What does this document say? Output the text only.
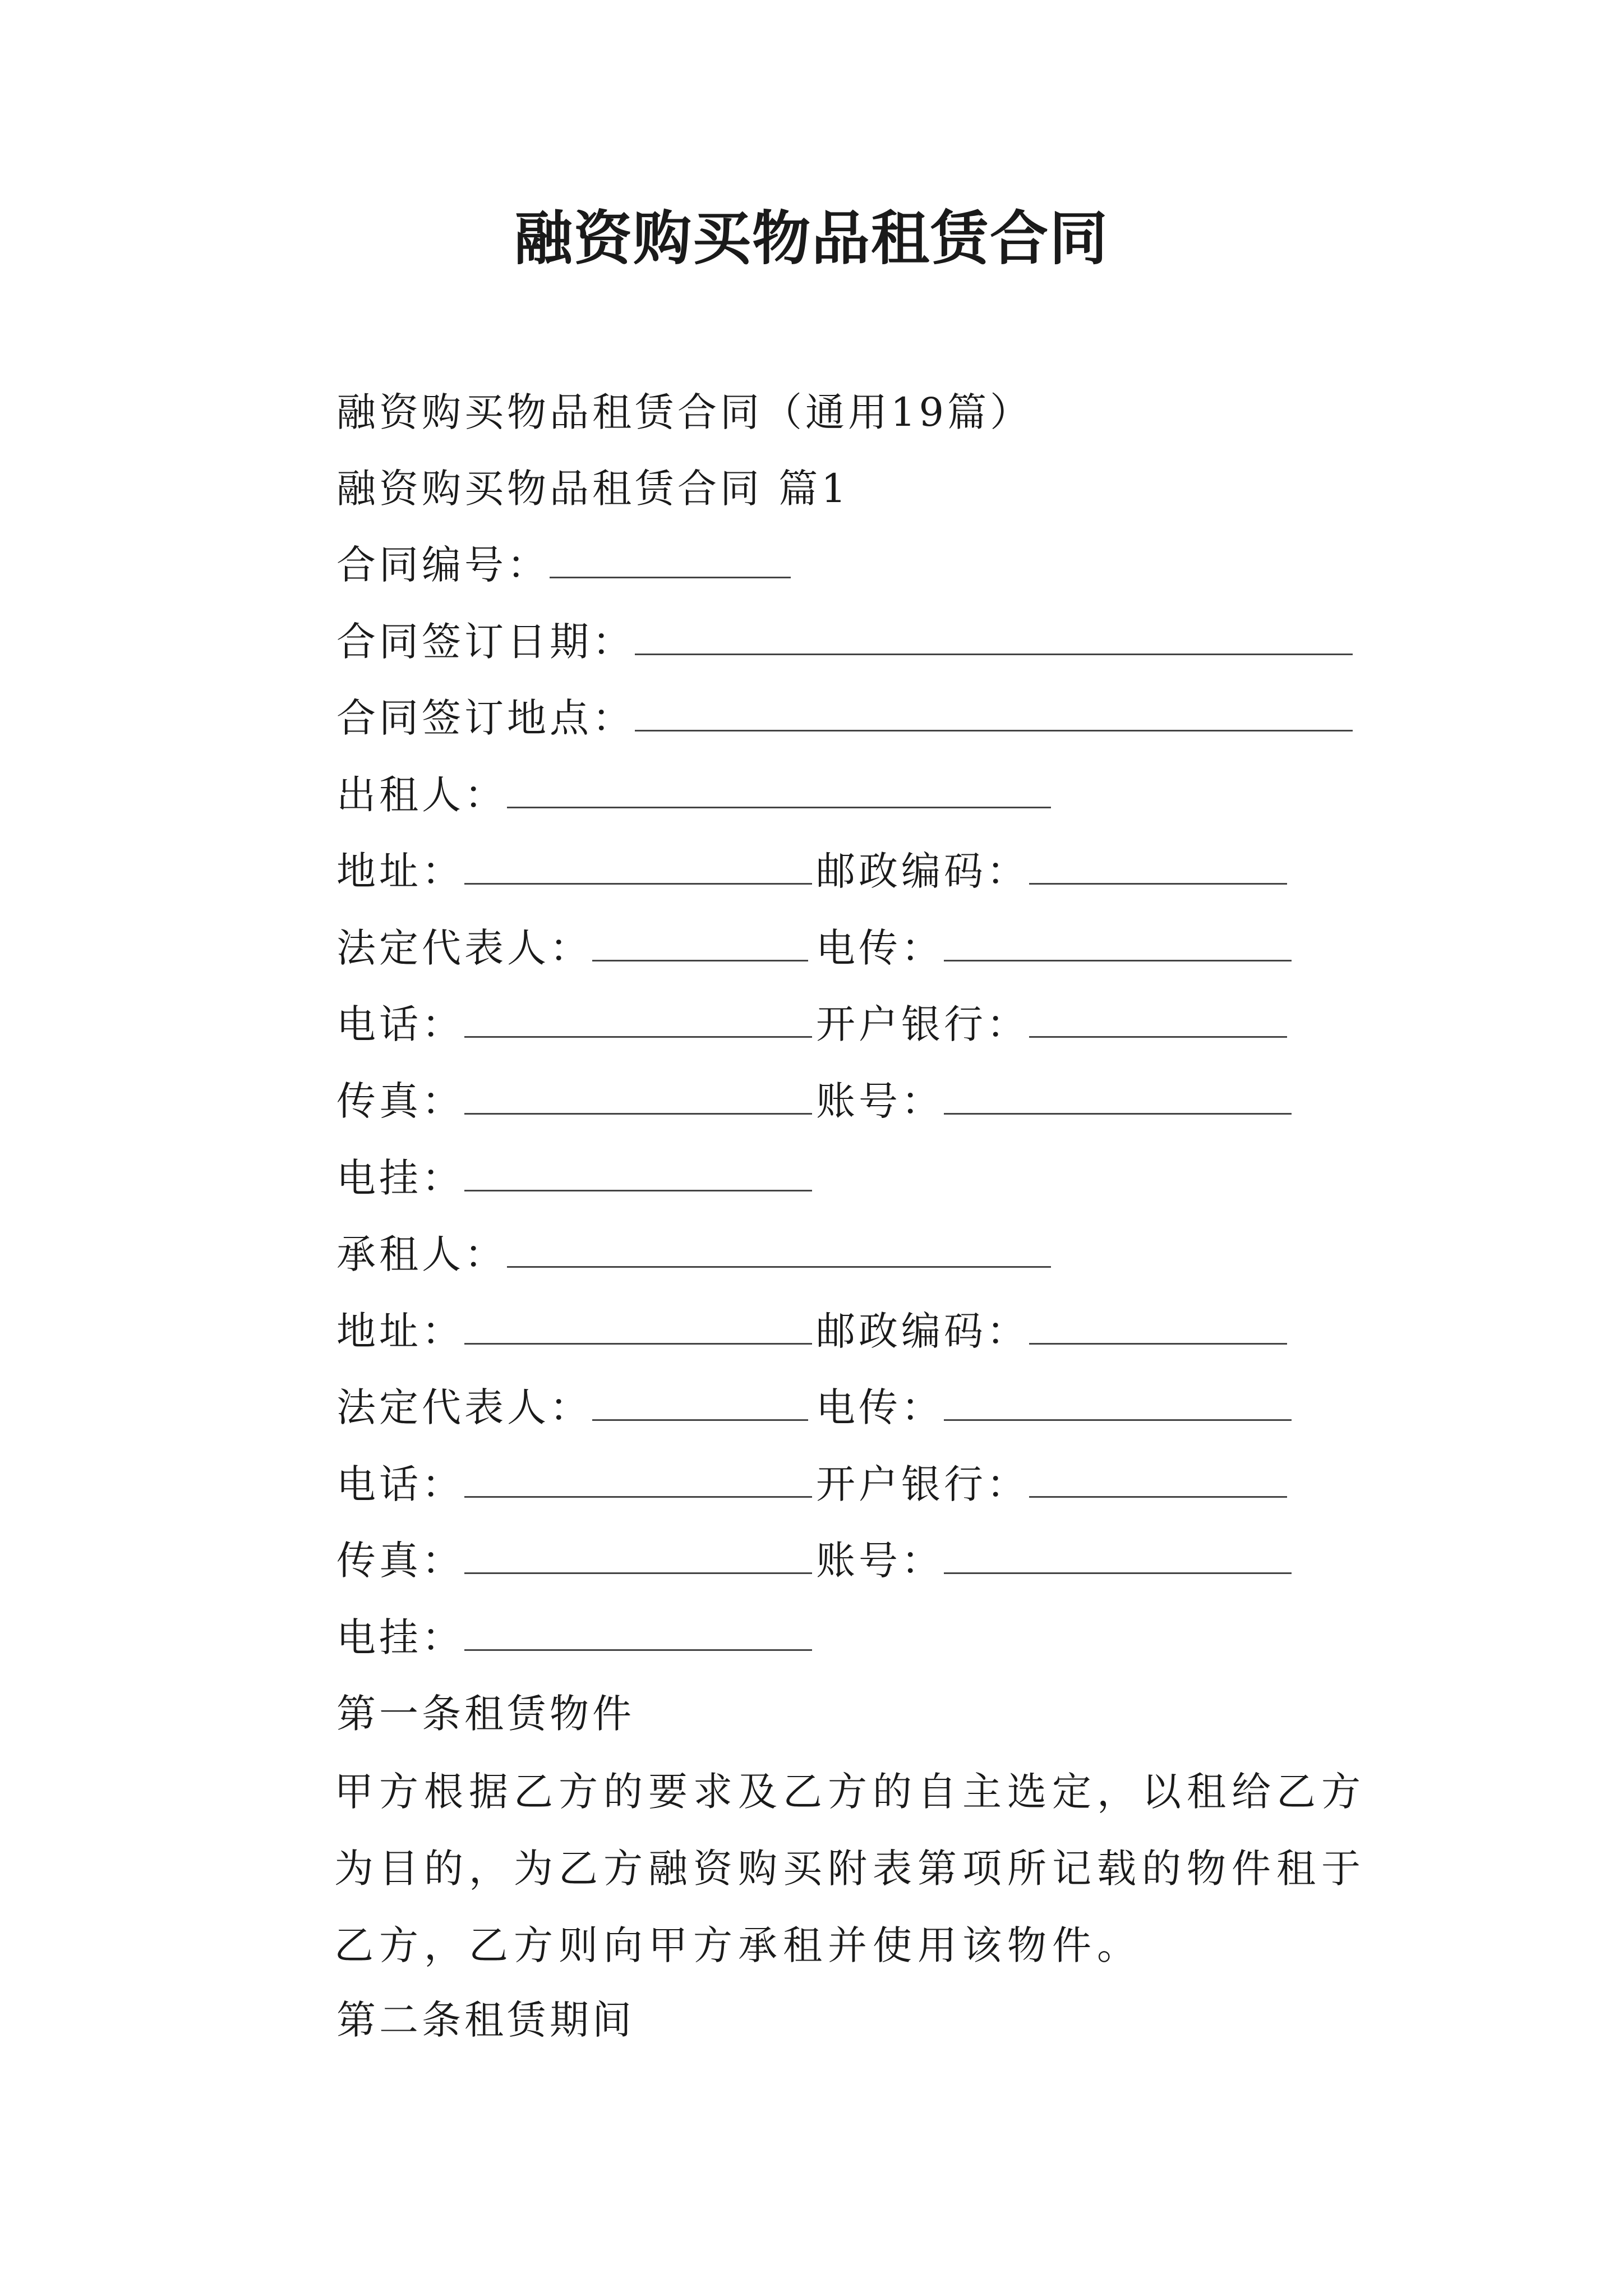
融资购买物品租赁合同
融资购买物品租赁合同（通用19篇）
融资购买物品租赁合同 篇1
合同编号：
合同签订日期：
合同签订地点：
出租人：
地址：	邮政编码：
法定代表人：	电传：
电话：	开户银行：
传真：	账号：
电挂：
承租人：
地址：	邮政编码：
法定代表人：	电传：
电话：	开户银行：
传真：	账号：
电挂：
第一条租赁物件
甲方根据乙方的要求及乙方的自主选定，以租给乙方为目的，为乙方融资购买附表第项所记载的物件租于乙方，乙方则向甲方承租并使用该物件。
第二条租赁期间
